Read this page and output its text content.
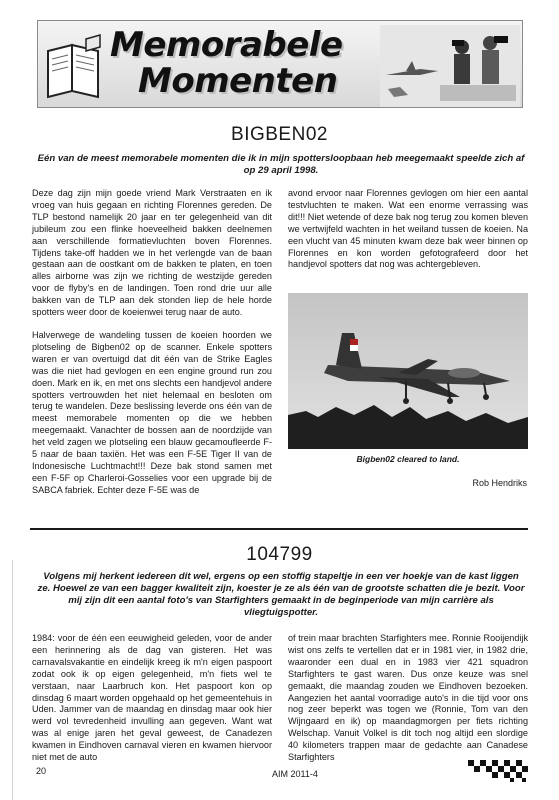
Memorabele
Momenten
BIGBEN02

Eén van de meest memorabele momenten die ik in mijn spottersloopbaan heb meegemaakt speelde zich af op 29 april 1998.

Deze dag zijn mijn goede vriend Mark Verstraaten en ik vroeg van huis gegaan en richting Florennes gereden. De TLP bestond namelijk 20 jaar en ter gelegenheid van dit jubileum zou een flinke hoeveelheid bakken deelnemen aan verschillende formatievluchten boven Florennes. Tijdens take-off hadden we in het verlengde van de baan gestaan aan de oostkant om de bakken te platen, en toen alles airborne was zijn we richting de westzijde gereden voor de flyby's en de landingen. Toen rond drie uur alle bakken van de TLP aan dek stonden liep de hele horde spotters weer door de koeienwei terug naar de auto.

Halverwege de wandeling tussen de koeien hoorden we plotseling de Bigben02 op de scanner. Enkele spotters waren er van overtuigd dat dit één van de Strike Eagles was die niet had gevlogen en een engine ground run zou doen. Mark en ik, en met ons slechts een handjevol andere spotters vertrouwden het niet helemaal en besloten om terug te wandelen. Deze beslissing leverde ons één van de meest memorabele momenten op die we hebben meegemaakt. Vanachter de bossen aan de noordzijde van het veld zagen we plotseling een blauw gecamoufleerde F-5 naar de baan taxiën. Het was een F-5E Tiger II van de Indonesische Luchtmacht!!! Deze bak stond samen met een F-5F op Charleroi-Gosselies voor een upgrade bij de SABCA fabriek. Echter deze F-5E was de

avond ervoor naar Florennes gevlogen om hier een aantal testvluchten te maken. Wat een enorme verrassing was dit!!! Niet wetende of deze bak nog terug zou komen bleven we vertwijfeld wachten in het weiland tussen de koeien. Na een vlucht van 45 minuten kwam deze bak weer binnen op Florennes en kon worden gefotografeerd door het handjevol spotters dat nog was achtergebleven.

Bigben02 cleared to land.
Rob Hendriks
104799

Volgens mij herkent iedereen dit wel, ergens op een stoffig stapeltje in een ver hoekje van de kast liggen ze. Hoewel ze van een bagger kwaliteit zijn, koester je ze als één van de grootste schatten die je bezit. Voor mij zijn dit een aantal foto's van Starfighters gemaakt in de beginperiode van mijn carrière als vliegtuigspotter.

1984: voor de één een eeuwigheid geleden, voor de ander een herinnering als de dag van gisteren. Het was carnavalsvakantie en eindelijk kreeg ik m'n eigen paspoort zodat ook ik op eigen gelegenheid, m'n fiets wel te verstaan, naar Laarbruch kon. Het paspoort kon op dinsdag 6 maart worden opgehaald op het gemeentehuis in Uden. Jammer van de maandag en dinsdag maar ook hier werd vol tevredenheid invulling aan gegeven. Want wat was al enige jaren het geval geweest, de Canadezen kwamen in Eindhoven carnaval vieren en kwamen hiervoor niet met de auto

of trein maar brachten Starfighters mee. Ronnie Rooijendijk wist ons zelfs te vertellen dat er in 1981 vier, in 1982 drie, waaronder een dual en in 1983 vier 421 squadron Starfighters te gast waren. Dus onze keuze was snel gemaakt, die maandag zouden we Eindhoven bezoeken. Aangezien het aantal voorradige auto's in die tijd voor ons nog zeer beperkt was togen we (Ronnie, Tom van den Wijngaard en ik) op maandagmorgen per fiets richting Welschap. Vanuit Volkel is dit toch nog altijd een slordige 40 kilometers trappen maar de gedachte aan Canadese Starfighters

20	AIM 2011-4
